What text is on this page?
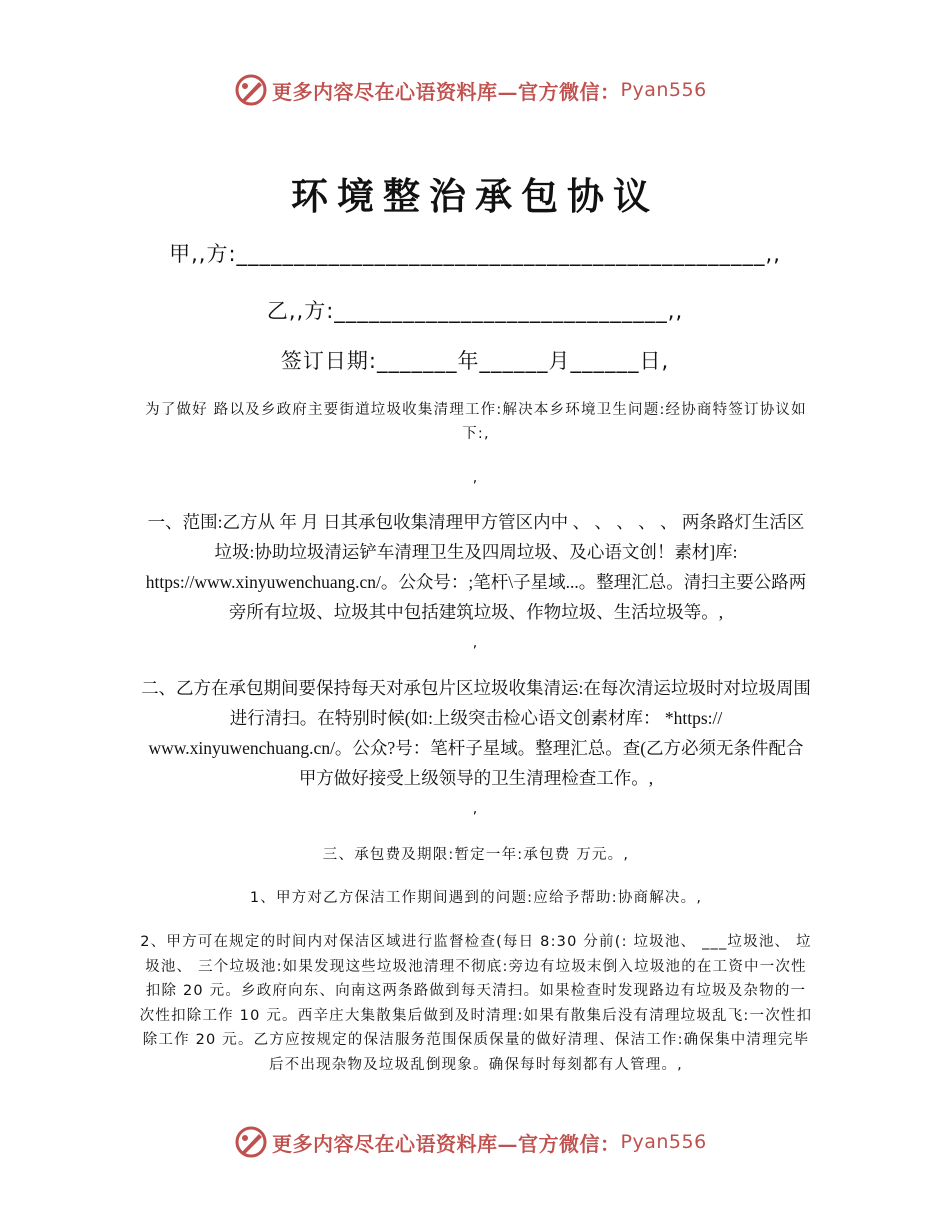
更多内容尽在心语资料库—官方微信： Pyan556
环境整治承包协议
甲,,方:______________________________________________,,
乙,,方:_____________________________,,
签订日期:_______年______月______日,
为了做好 路以及乡政府主要街道垃圾收集清理工作:解决本乡环境卫生问题:经协商特签订协议如下:,
,
一、范围:乙方从 年 月 日其承包收集清理甲方管区内中 、 、 、 、 、 两条路灯生活区垃圾:协助垃圾清运铲车清理卫生及四周垃圾、及心语文创！素材]库: https://www.xinyuwenchuang.cn/。公众号：;笔杆\子星域...。整理汇总。清扫主要公路两旁所有垃圾、垃圾其中包括建筑垃圾、作物垃圾、生活垃圾等。,
,
二、乙方在承包期间要保持每天对承包片区垃圾收集清运:在每次清运垃圾时对垃圾周围进行清扫。在特别时候(如:上级突击检心语文创素材库： *https:// www.xinyuwenchuang.cn/。公众?号：笔杆子星域。整理汇总。查(乙方必须无条件配合甲方做好接受上级领导的卫生清理检查工作。,
,
三、承包费及期限:暂定一年:承包费 万元。,
1、甲方对乙方保洁工作期间遇到的问题:应给予帮助:协商解决。,
2、甲方可在规定的时间内对保洁区域进行监督检查(每日 8:30 分前(: 垃圾池、 ___垃圾池、 垃圾池、 三个垃圾池:如果发现这些垃圾池清理不彻底:旁边有垃圾末倒入垃圾池的在工资中一次性扣除 20 元。乡政府向东、向南这两条路做到每天清扫。如果检查时发现路边有垃圾及杂物的一次性扣除工作 10 元。西辛庄大集散集后做到及时清理:如果有散集后没有清理垃圾乱飞:一次性扣除工作 20 元。乙方应按规定的保洁服务范围保质保量的做好清理、保洁工作:确保集中清理完毕后不出现杂物及垃圾乱倒现象。确保每时每刻都有人管理。,
更多内容尽在心语资料库—官方微信： Pyan556
